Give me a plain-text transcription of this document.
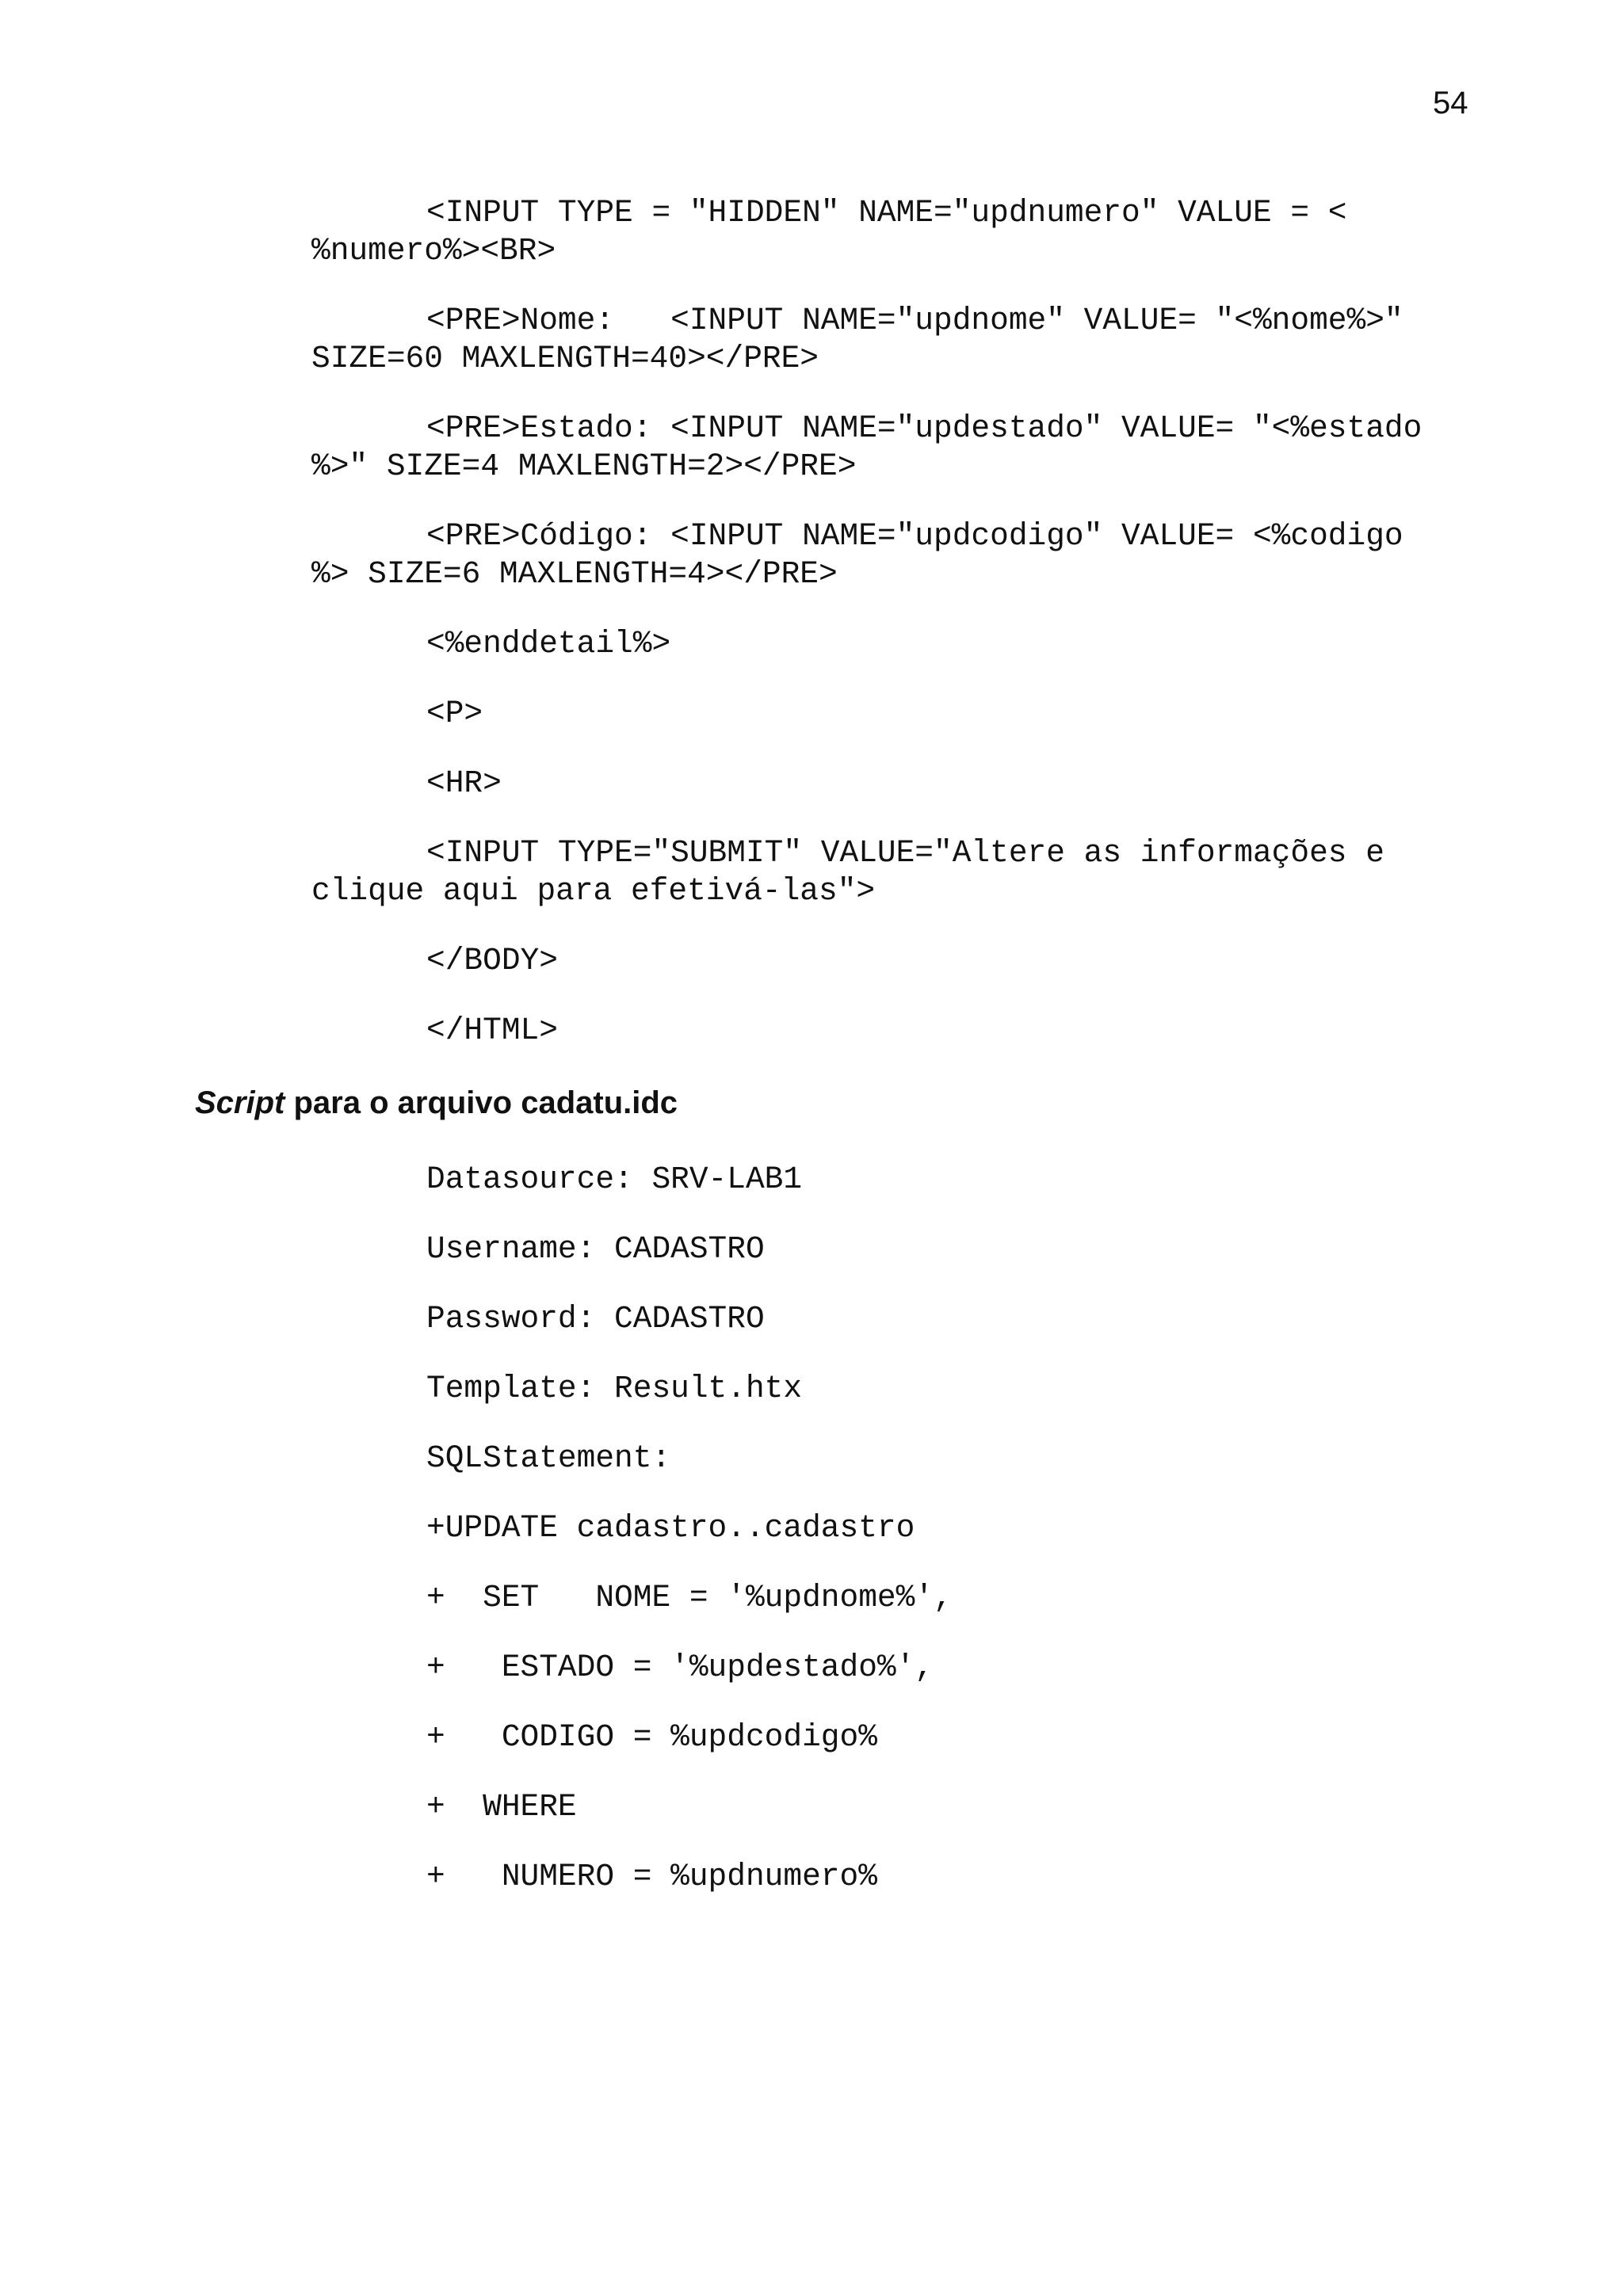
54
<INPUT TYPE = "HIDDEN" NAME="updnumero" VALUE = <
%numero%><BR>
<PRE>Nome:   <INPUT NAME="updnome" VALUE= "<%nome%>"
SIZE=60 MAXLENGTH=40></PRE>
<PRE>Estado: <INPUT NAME="updestado" VALUE= "<%estado
%>" SIZE=4 MAXLENGTH=2></PRE>
<PRE>Código: <INPUT NAME="updcodigo" VALUE= <%codigo
%> SIZE=6 MAXLENGTH=4></PRE>
<%enddetail%>
<P>
<HR>
<INPUT TYPE="SUBMIT" VALUE="Altere as informações e
clique aqui para efetivá-las">
</BODY>
</HTML>
Script para o arquivo cadatu.idc
Datasource: SRV-LAB1
Username: CADASTRO
Password: CADASTRO
Template: Result.htx
SQLStatement:
+UPDATE cadastro..cadastro
+  SET   NOME = '%updnome%',
+   ESTADO = '%updestado%',
+   CODIGO = %updcodigo%
+  WHERE
+   NUMERO = %updnumero%
